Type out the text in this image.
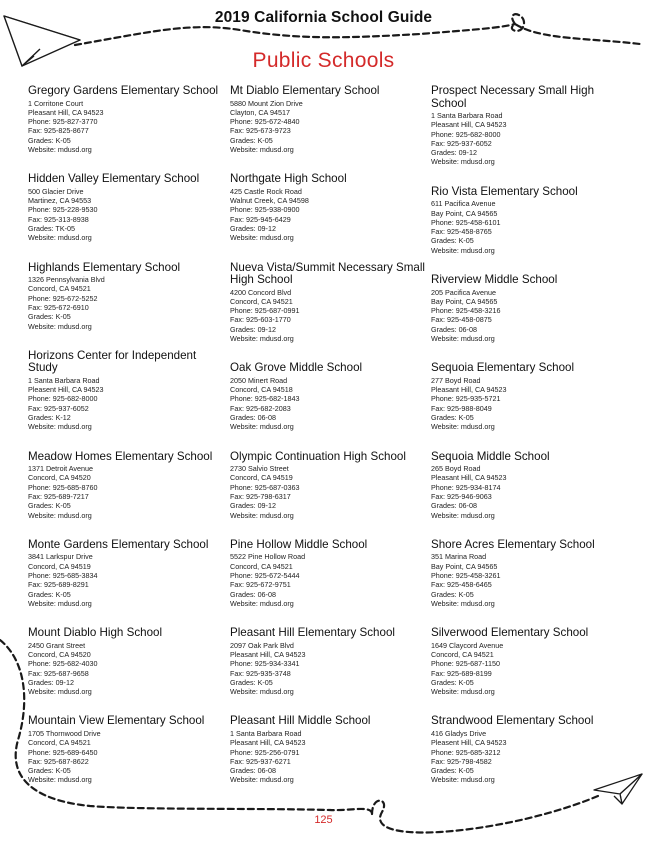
2019 California School Guide
Public Schools
Gregory Gardens Elementary School
1 Corritone Court
Pleasant Hill, CA 94523
Phone: 925-827-3770
Fax: 925-825-8677
Grades: K-05
Website: mdusd.org
Hidden Valley Elementary School
500 Glacier Drive
Martinez, CA 94553
Phone: 925-228-9530
Fax: 925-313-8938
Grades: TK-05
Website: mdusd.org
Highlands Elementary School
1326 Pennsylvania Blvd
Concord, CA 94521
Phone: 925-672-5252
Fax: 925-672-6910
Grades: K-05
Website: mdusd.org
Horizons Center for Independent Study
1 Santa Barbara Road
Pleasent Hill, CA 94523
Phone: 925-682-8000
Fax: 925-937-6052
Grades: K-12
Website: mdusd.org
Meadow Homes Elementary School
1371 Detroit Avenue
Concord, CA 94520
Phone: 925-685-8760
Fax: 925-689-7217
Grades: K-05
Website: mdusd.org
Monte Gardens Elementary School
3841 Larkspur Drive
Concord, CA 94519
Phone: 925-685-3834
Fax: 925-689-8291
Grades: K-05
Website: mdusd.org
Mount Diablo High School
2450 Grant Street
Concord, CA 94520
Phone: 925-682-4030
Fax: 925-687-9658
Grades: 09-12
Website: mdusd.org
Mountain View Elementary School
1705 Thornwood Drive
Concord, CA 94521
Phone: 925-689-6450
Fax: 925-687-8622
Grades: K-05
Website: mdusd.org
Mt Diablo Elementary School
5880 Mount Zion Drive
Clayton, CA 94517
Phone: 925-672-4840
Fax: 925-673-9723
Grades: K-05
Website: mdusd.org
Northgate High School
425 Castle Rock Road
Walnut Creek, CA 94598
Phone: 925-938-0900
Fax: 925-945-6429
Grades: 09-12
Website: mdusd.org
Nueva Vista/Summit Necessary Small High School
4200 Concord Blvd
Concord, CA 94521
Phone: 925-687-0991
Fax: 925-603-1770
Grades: 09-12
Website: mdusd.org
Oak Grove Middle School
2050 Minert Road
Concord, CA 94518
Phone: 925-682-1843
Fax: 925-682-2083
Grades: 06-08
Website: mdusd.org
Olympic Continuation High School
2730 Salvio Street
Concord, CA 94519
Phone: 925-687-0363
Fax: 925-798-6317
Grades: 09-12
Website: mdusd.org
Pine Hollow Middle School
5522 Pine Hollow Road
Concord, CA 94521
Phone: 925-672-5444
Fax: 925-672-9751
Grades: 06-08
Website: mdusd.org
Pleasant Hill Elementary School
2097 Oak Park Blvd
Pleasant Hill, CA 94523
Phone: 925-934-3341
Fax: 925-935-3748
Grades: K-05
Website: mdusd.org
Pleasant Hill Middle School
1 Santa Barbara Road
Pleasant Hill, CA 94523
Phone: 925-256-0791
Fax: 925-937-6271
Grades: 06-08
Website: mdusd.org
Prospect Necessary Small High School
1 Santa Barbara Road
Pleasant Hill, CA 94523
Phone: 925-682-8000
Fax: 925-937-6052
Grades: 09-12
Website: mdusd.org
Rio Vista Elementary School
611 Pacifica Avenue
Bay Point, CA 94565
Phone: 925-458-6101
Fax: 925-458-8765
Grades: K-05
Website: mdusd.org
Riverview Middle School
205 Pacifica Avenue
Bay Point, CA 94565
Phone: 925-458-3216
Fax: 925-458-0875
Grades: 06-08
Website: mdusd.org
Sequoia Elementary School
277 Boyd Road
Pleasant Hill, CA 94523
Phone: 925-935-5721
Fax: 925-988-8049
Grades: K-05
Website: mdusd.org
Sequoia Middle School
265 Boyd Road
Pleasant Hill, CA 94523
Phone: 925-934-8174
Fax: 925-946-9063
Grades: 06-08
Website: mdusd.org
Shore Acres Elementary School
351 Marina Road
Bay Point, CA 94565
Phone: 925-458-3261
Fax: 925-458-6465
Grades: K-05
Website: mdusd.org
Silverwood Elementary School
1649 Claycord Avenue
Concord, CA 94521
Phone: 925-687-1150
Fax: 925-689-8199
Grades: K-05
Website: mdusd.org
Strandwood Elementary School
416 Gladys Drive
Pleasent Hill, CA 94523
Phone: 925-685-3212
Fax: 925-798-4582
Grades: K-05
Website: mdusd.org
125
